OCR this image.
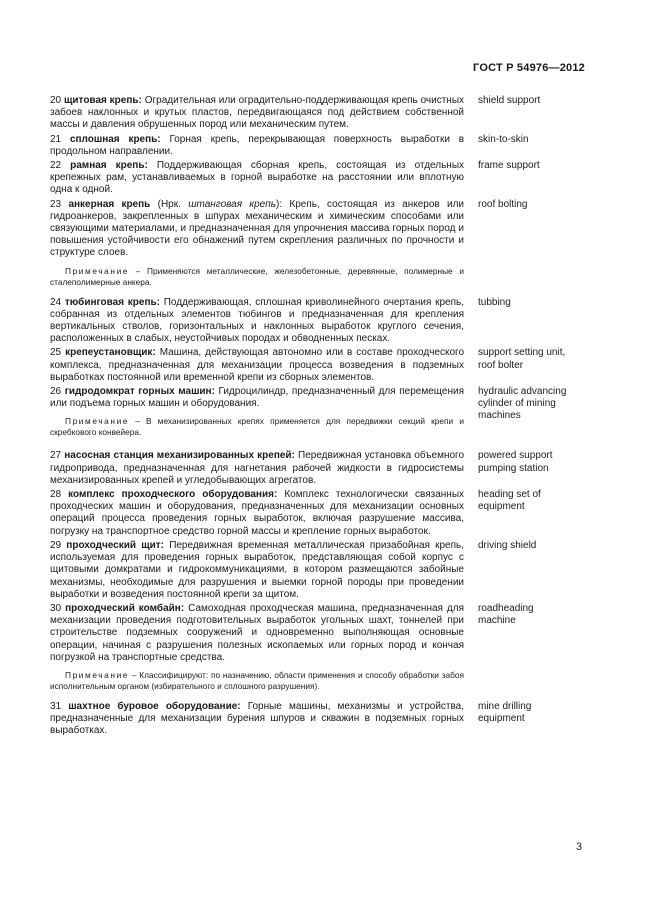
ГОСТ Р 54976—2012
20 щитовая крепь: Оградительная или оградительно-поддерживающая крепь очистных забоев наклонных и крутых пластов, передвигающаяся под действием собственной массы и давления обрушенных пород или механическим путем.
shield support
21 сплошная крепь: Горная крепь, перекрывающая поверхность выработки в продольном направлении.
skin-to-skin
22 рамная крепь: Поддерживающая сборная крепь, состоящая из отдельных крепежных рам, устанавливаемых в горной выработке на расстоянии или вплотную одна к одной.
frame support
23 анкерная крепь (Нрк. штанговая крепь): Крепь, состоящая из анкеров или гидроанкеров, закрепленных в шпурах механическим и химическим способами или связующими материалами, и предназначенная для упрочнения массива горных пород и повышения устойчивости его обнажений путем скрепления различных по прочности и структуре слоев.
roof bolting
Примечание – Применяются металлические, железобетонные, деревянные, полимерные и сталеполимерные анкера.
24 тюбинговая крепь: Поддерживающая, сплошная криволинейного очертания крепь, собранная из отдельных элементов тюбингов и предназначенная для крепления вертикальных стволов, горизонтальных и наклонных выработок круглого сечения, расположенных в слабых, неустойчивых породах и обводненных песках.
tubbing
25 крепеустановщик: Машина, действующая автономно или в составе проходческого комплекса, предназначенная для механизации процесса возведения в подземных выработках постоянной или временной крепи из сборных элементов.
support setting unit,
roof bolter
26 гидродомкрат горных машин: Гидроцилиндр, предназначенный для перемещения или подъема горных машин и оборудования.
Примечание – В механизированных крепях применяется для передвижки секций крепи и скребкового конвейера.
hydraulic advancing
cylinder of mining
machines
27 насосная станция механизированных крепей: Передвижная установка объемного гидропривода, предназначенная для нагнетания рабочей жидкости в гидросистемы механизированных крепей и угледобывающих агрегатов.
powered support
pumping station
28 комплекс проходческого оборудования: Комплекс технологически связанных проходческих машин и оборудования, предназначенных для механизации основных операций процесса проведения горных выработок, включая разрушение массива, погрузку на транспортное средство горной массы и крепление горных выработок.
heading set of
equipment
29 проходческий щит: Передвижная временная металлическая призабойная крепь, используемая для проведения горных выработок, представляющая собой корпус с щитовыми домкратами и гидрокоммуникациями, в котором размещаются забойные механизмы, необходимые для разрушения и выемки горной породы при проведении выработки и возведения постоянной крепи за щитом.
driving shield
30 проходческий комбайн: Самоходная проходческая машина, предназначенная для механизации проведения подготовительных выработок угольных шахт, тоннелей при строительстве подземных сооружений и одновременно выполняющая основные операции, начиная с разрушения полезных ископаемых или горных пород и кончая погрузкой на транспортные средства.
roadheading
machine
Примечание – Классифицируют: по назначению, области применения и способу обработки забоя исполнительным органом (избирательного и сплошного разрушения).
31 шахтное буровое оборудование: Горные машины, механизмы и устройства, предназначенные для механизации бурения шпуров и скважин в подземных горных выработках.
mine drilling
equipment
3
